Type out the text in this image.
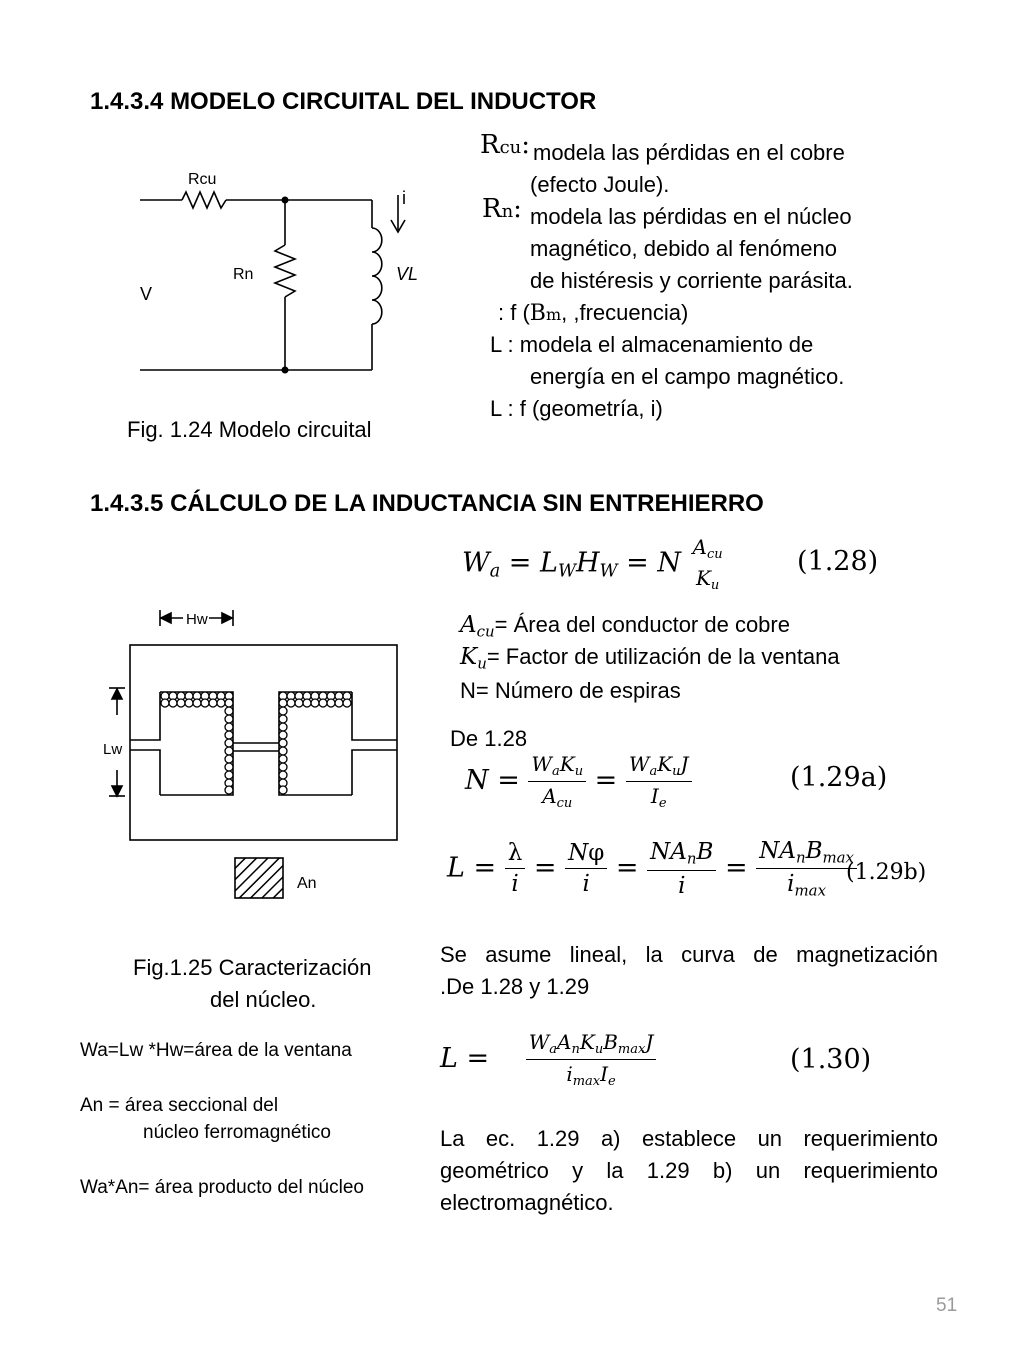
1.4.3.4 MODELO CIRCUITAL DEL INDUCTOR
Rcu
Rn
V
i
VL
Fig. 1.24 Modelo circuital
Rcu: modela las pérdidas en el cobre
(efecto Joule).
Rn: modela las pérdidas en el núcleo
magnético, debido al fenómeno
de histéresis y corriente parásita.
: f (Bm, ,frecuencia)
L : modela el almacenamiento de
energía en el campo magnético.
L : f (geometría, i)
1.4.3.5 CÁLCULO DE LA INDUCTANCIA SIN ENTREHIERRO
$W_a = L_WH_W = N$
$A_{cu}$
$K_u$
(1.28)
$A_{cu}=$ Área del conductor de cobre
$K_u=$ Factor de utilización de la ventana
N= Número de espiras
De 1.28
$N = \frac{W_aK_u}{A_{cu}} = \frac{W_aK_uJ}{I_e}$	(1.29a)
$L = \frac{\lambda}{i} = \frac{N\varphi}{i} = \frac{NA_nB}{i} = \frac{NA_nB_{max}}{i_{max}}$
(1.29b)
Se asume lineal, la curva de magnetización
.De 1.28 y 1.29
$L = \frac{W_aA_nK_uB_{max}J}{i_{max}I_e}$	(1.30)
La ec. 1.29 a) establece un requerimiento
geométrico y la 1.29 b) un requerimiento
electromagnético.
Hw
Lw
An
Fig.1.25 Caracterización
del núcleo.
Wa=Lw *Hw=área de la ventana
An = área seccional del
núcleo ferromagnético
Wa*An= área producto del núcleo
51
